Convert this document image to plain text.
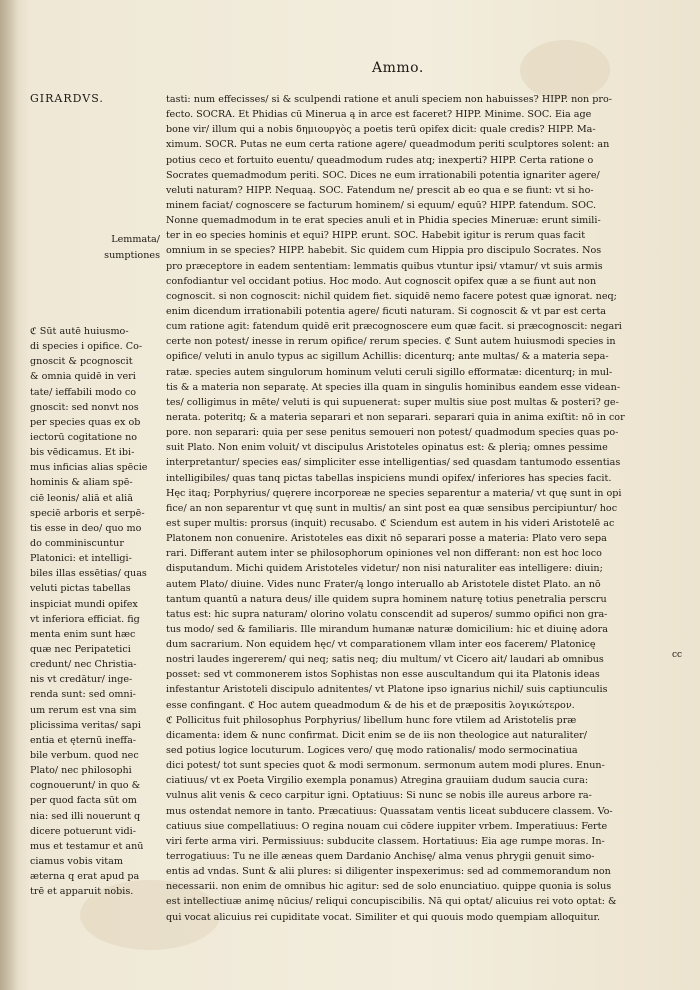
Ammo.
GIRARDVS.
Lemmata/
sumptiones
tasti: num effecisses/ si & sculpendi ratione et anuli speciem non habuisses? HIPP. non pro-
fecto. SOCRA. Et Phidias cū Minerua ą in arce est faceret? HIPP. Minime. SOC. Eia age
bone vir/ illum qui a nobis δημιουργὸς a poetis terū opifex dicit: quale credis? HIPP. Ma-
ximum. SOCR. Putas ne eum certa ratione agere/ queadmodum periti sculptores solent: an
potius ceco et fortuito euentu/ queadmodum rudes atq; inexperti? HIPP. Certa ratione o
Socrates quemadmodum periti. SOC. Dices ne eum irrationabili potentia ignariter agere/
veluti naturam? HIPP. Nequaą. SOC. Fatendum ne/ prescit ab eo qua e se fiunt: vt si ho-
minem faciat/ cognoscere se facturum hominem/ si equum/ equū? HIPP. fatendum. SOC.
Nonne quemadmodum in te erat species anuli et in Phidia species Mineruæ: erunt simili-
ter in eo species hominis et equi? HIPP. erunt. SOC. Habebit igitur is rerum quas facit
omnium in se species? HIPP. habebit. Sic quidem cum Hippia pro discipulo Socrates. Nos
pro præceptore in eadem sententiam: lemmatis quibus vtuntur ipsi/ vtamur/ vt suis armis
confodiantur vel occidant potius. Hoc modo. Aut cognoscit opifex quæ a se fiunt aut non
cognoscit. si non cognoscit: nichil quidem fiet. siquidē nemo facere potest quæ ignorat. neq;
enim dicendum irrationabili potentia agere/ ficuti naturam. Si cognoscit & vt par est certa
cum ratione agit: fatendum quidē erit præcognoscere eum quæ facit. si præcognoscit: negari
certe non potest/ inesse in rerum opifice/ rerum species. ℭ Sunt autem huiusmodi species in
opifice/ veluti in anulo typus ac sigillum Achillis: dicenturq; ante multas/ & a materia sepa-
ratæ. species autem singulorum hominum veluti ceruli sigillo efformatæ: dicenturq; in mul-
tis & a materia non separatę. At species illa quam in singulis hominibus eandem esse videan-
tes/ colligimus in mēte/ veluti is qui supuenerat: super multis siue post multas & posteri? ge-
nerata. poteritq; & a materia separari et non separari. separari quia in anima exiſtit: nō in cor
pore. non separari: quia per sese penitus semoueri non potest/ quadmodum species quas po-
suit Plato. Non enim voluit/ vt discipulus Aristoteles opinatus est: & plerią; omnes pessime
interpretantur/ species eas/ simpliciter esse intelligentias/ sed quasdam tantumodo essentias
intelligibiles/ quas tanq pictas tabellas inspiciens mundi opifex/ inferiores has species facit.
Hęc itaq; Porphyrius/ quęrere incorporeæ ne species separentur a materia/ vt quę sunt in opi
fice/ an non separentur vt quę sunt in multis/ an sint post ea quæ sensibus percipiuntur/ hoc
est super multis: prorsus (inquit) recusabo. ℭ Sciendum est autem in his videri Aristotelē ac
Platonem non conuenire. Aristoteles eas dixit nō separari posse a materia: Plato vero sepa
rari. Differant autem inter se philosophorum opiniones vel non differant: non est hoc loco
disputandum. Michi quidem Aristoteles videtur/ non nisi naturaliter eas intelligere: diuin;
autem Plato/ diuine. Vides nunc Frater/ą longo interuallo ab Aristotele distet Plato. an nō
tantum quantū a natura deus/ ille quidem supra hominem naturę totius penetralia perscru
tatus est: hic supra naturam/ olorino volatu conscendit ad superos/ summo opifici non gra-
tus modo/ sed & familiaris. Ille mirandum humanæ naturæ domicilium: hic et diuinę adora
dum sacrarium. Non equidem hęc/ vt comparationem vllam inter eos facerem/ Platonicę
nostri laudes ingererem/ qui neq; satis neq; diu multum/ vt Cicero ait/ laudari ab omnibus
posset: sed vt commonerem istos Sophistas non esse auscultandum qui ita Platonis ideas
infestantur Aristoteli discipulo adnitentes/ vt Platone ipso ignarius nichil/ suis captiunculis
esse confingant. ℭ Hoc autem queadmodum & de his et de præpositis λογικώτερον.
ℭ Pollicitus fuit philosophus Porphyrius/ libellum hunc fore vtilem ad Aristotelis præ
dicamenta: idem & nunc confirmat. Dicit enim se de iis non theologice aut naturaliter/
sed potius logice locuturum. Logices vero/ quę modo rationalis/ modo sermocinatiua
dici potest/ tot sunt species quot & modi sermonum. sermonum autem modi plures. Enun-
ciatiuus/ vt ex Poeta Virgilio exempla ponamus) Atregina grauiiam dudum saucia cura:
vulnus alit venis & ceco carpitur igni. Optatiuus: Si nunc se nobis ille aureus arbore ra-
mus ostendat nemore in tanto. Præcatiuus: Quassatam ventis liceat subducere classem. Vo-
catiuus siue compellatiuus: O regina nouam cui cōdere iuppiter vrbem. Imperatiuus: Ferte
viri ferte arma viri. Permissiuus: subducite classem. Hortatiuus: Eia age rumpe moras. In-
terrogatiuus: Tu ne ille æneas quem Dardanio Anchisę/ alma venus phrygii genuit simo-
entis ad vndas. Sunt & alii plures: si diligenter inspexerimus: sed ad commemorandum non
necessarii. non enim de omnibus hic agitur: sed de solo enunciatiuo. quippe quonia is solus
est intellectiuæ animę nūcius/ reliqui concupiscibilis. Nā qui optat/ alicuius rei voto optat: &
qui vocat alicuius rei cupiditate vocat. Similiter et qui quouis modo quempiam alloquitur.
ℭ Sūt autē huiusmo-
di species i opifice. Co-
gnoscit & pcognoscit
& omnia quidē in veri
tate/ ieffabili modo co
gnoscit: sed nonvt nos
per species quas ex ob
iectorū cogitatione no
bis vēdicamus. Et ibi-
mus inficias alias spēcie
hominis & aliam spē-
ciē leonis/ aliā et aliā
speciē arboris et serpē-
tis esse in deo/ quo mo
do comminiscuntur
Platonici: et intelligi-
biles illas essētias/ quas
veluti pictas tabellas
inspiciat mundi opifex
vt inferiora efficiat. fig
menta enim sunt hæc
quæ nec Peripatetici
credunt/ nec Christia-
nis vt credātur/ inge-
renda sunt: sed omni-
um rerum est vna sim
plicissima veritas/ sapi
entia et ęternū ineffa-
bile verbum. quod nec
Plato/ nec philosophi
cognouerunt/ in quo &
per quod facta sūt om
nia: sed illi nouerunt q
dicere potuerunt vidi-
mus et testamur et anū
ciamus vobis vitam
æterna q erat apud pa
trē et apparuit nobis.
cc
